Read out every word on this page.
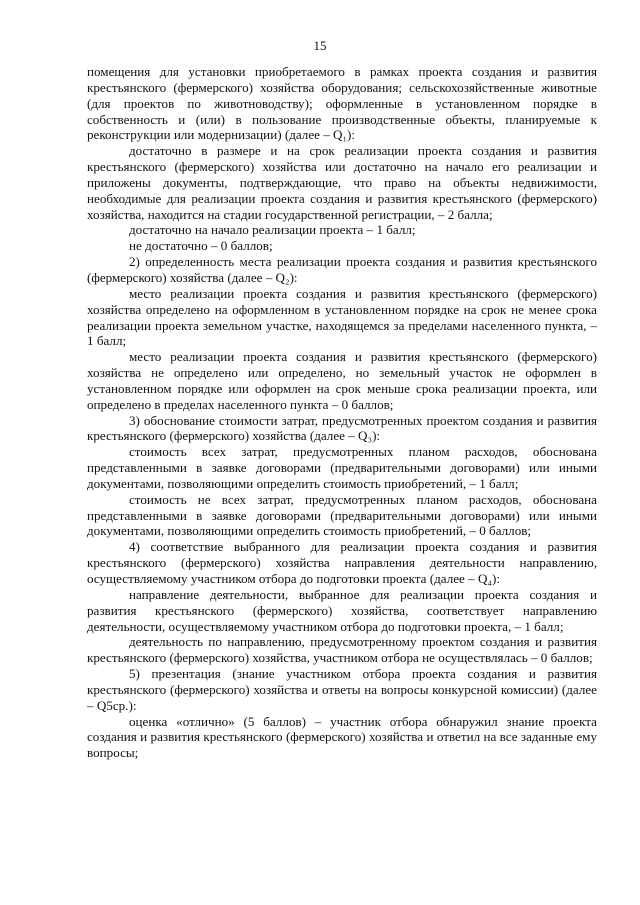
15

помещения для установки приобретаемого в рамках проекта создания и развития крестьянского (фермерского) хозяйства оборудования; сельскохозяйственные животные (для проектов по животноводству); оформленные в установленном порядке в собственность и (или) в пользование производственные объекты, планируемые к реконструкции или модернизации) (далее – Q₁):

достаточно в размере и на срок реализации проекта создания и развития крестьянского (фермерского) хозяйства или достаточно на начало его реализации и приложены документы, подтверждающие, что право на объекты недвижимости, необходимые для реализации проекта создания и развития крестьянского (фермерского) хозяйства, находится на стадии государственной регистрации, – 2 балла;

достаточно на начало реализации проекта – 1 балл;

не достаточно – 0 баллов;

2) определенность места реализации проекта создания и развития крестьянского (фермерского) хозяйства (далее – Q₂):

место реализации проекта создания и развития крестьянского (фермерского) хозяйства определено на оформленном в установленном порядке на срок не менее срока реализации проекта земельном участке, находящемся за пределами населенного пункта, – 1 балл;

место реализации проекта создания и развития крестьянского (фермерского) хозяйства не определено или определено, но земельный участок не оформлен в установленном порядке или оформлен на срок меньше срока реализации проекта, или определено в пределах населенного пункта – 0 баллов;

3) обоснование стоимости затрат, предусмотренных проектом создания и развития крестьянского (фермерского) хозяйства (далее – Q₃):

стоимость всех затрат, предусмотренных планом расходов, обоснована представленными в заявке договорами (предварительными договорами) или иными документами, позволяющими определить стоимость приобретений, – 1 балл;

стоимость не всех затрат, предусмотренных планом расходов, обоснована представленными в заявке договорами (предварительными договорами) или иными документами, позволяющими определить стоимость приобретений, – 0 баллов;

4) соответствие выбранного для реализации проекта создания и развития крестьянского (фермерского) хозяйства направления деятельности направлению, осуществляемому участником отбора до подготовки проекта (далее – Q₄):

направление деятельности, выбранное для реализации проекта создания и развития крестьянского (фермерского) хозяйства, соответствует направлению деятельности, осуществляемому участником отбора до подготовки проекта, – 1 балл;

деятельность по направлению, предусмотренному проектом создания и развития крестьянского (фермерского) хозяйства, участником отбора не осуществлялась – 0 баллов;

5) презентация (знание участником отбора проекта создания и развития крестьянского (фермерского) хозяйства и ответы на вопросы конкурсной комиссии) (далее – Q5ср.):

оценка «отлично» (5 баллов) – участник отбора обнаружил знание проекта создания и развития крестьянского (фермерского) хозяйства и ответил на все заданные ему вопросы;
